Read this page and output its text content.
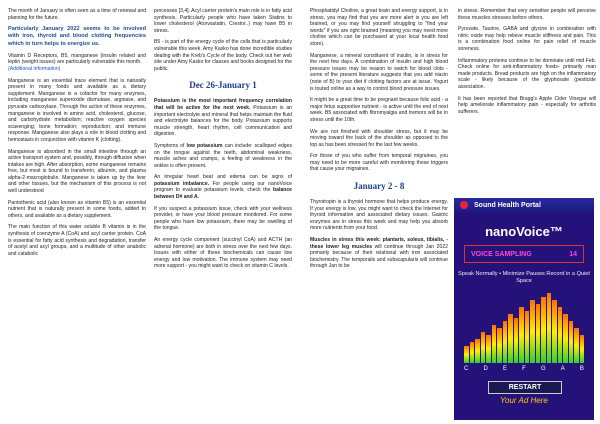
The month of January is often seen as a time of renewal and planning for the future.

Particularly January 2022 seems to be involved with iron, thyroid and blood clotting frequencies which in turn helps to energize us.

Vitamin D Receptors, B5, manganese (insulin related and leptin (weight issues) are particularly vulnerable this month.
(Additional information)

Manganese is an essential trace element that is naturally present in many foods and available as a dietary supplement. Manganese is a cofactor for many enzymes, including manganese superoxide dismutase, arginase, and pyruvate carboxylase. Through the action of these enzymes, manganese is involved in amino acid, cholesterol, glucose, and carbohydrate metabolism; reactive oxygen species scavenging; bone formation; reproduction; and immune response. Manganese also plays a role in blood clotting and hemostasis in conjunction with vitamin K (clotting).

Manganese is absorbed in the small intestine through an active transport system and, possibly, through diffusion when intakes are high. After absorption, some manganese remains free, but most is bound to transferrin, albumin, and plasma alpha-2-macroglobulin. Manganese is taken up by the liver and other tissues, but the mechanism of this process is not well understood

Pantothenic acid (also known as vitamin B5) is an essential nutrient that is naturally present in some foods, added to others, and available as a dietary supplement.

The main function of this water soluble B vitamin is in the synthesis of coenzyme A (CoA) and acyl carrier protein. CoA is essential for fatty acid synthesis and degradation, transfer of acetyl and acyl groups, and a multitude of other anabolic and catabolic

processes [3,4]. Acyl carrier protein's main role is in fatty acid synthesis. Particularly people who have taken Statins to lower cholesterol (Atorvastatin, Crestor..) may have B5 in stress.

B5 - is part of the energy cycle of the cells that is particularly vulnerable this week. Amy Kasko has done incredible studies dealing with the Kreb's Cycle of the body. Check out her web site under Amy Kasko for classes and books designed for the public.

Dec 26-January 1

Potassium is the most important frequency correlation that will be active for the next week. Potassium is an important electrolyte and mineral that helps maintain the fluid and electrolyte balances for the body. Potassium supports muscle strength, heart rhythm, cell communication and digestion.

Symptoms of low potassium can include: scalloped edges on the tongue against the teeth, abdominal weakness, muscle aches and cramps, a feeling of weakness in the ankles is often present.

An irregular heart beat and edema can be signs of potassium imbalance. For people using our nanoVoice program to evaluate potassium levels, check the balance between D# and A.

If you suspect a potassium issue, check with your wellness provider, or have your blood pressure monitored. For some people who have low potassium, there may be swelling of the tongue.

An energy cycle component (succinyl CoA) and ACTH (an adrenal hormone) are both in stress over the next few days. Issues with either of these biochemicals can cause low energy and low motivation. The immune system may need more support - you might want to check on vitamin C levels.

Phosphatidyl Choline, a great brain and energy support, is in stress, you may find that you are more alert is you are left brained, or you may find yourself struggling to "find your words" if you are right brained (meaning you may need more choline which can be purchased at your local health food store).

Manganese, a mineral constituent of insulin, is in stress for the next few days. A combination of insulin and high blood pressure issues may be reason to watch for blood clots - some of the present literature suggests that you add niacin (note of B) to your diet if clotting factors are at issue. Yogurt is touted online as a way to control blood pressure issues.

It might be a great time to be pregnant because folic acid - a major fetus supportive nutrient - is active until the end of next week. B5 associated with fibromyalgia and tremors will be in stress until the 10th.

We are not finished with shoulder stress, but it may be moving toward the back of the shoulder as opposed to the top as has been stressed for the last few weeks.

For those of you who suffer from temporal migraines, you may need to be more careful with monitoring those triggers that cause your migraines.

January 2 - 8

Thyrotropin is a thyroid hormone that helps produce energy. If your energy is low, you might want to check the Internet for thyroid information and associated dietary issues. Gastric enzymes are in stress this week and may help you absorb more nutrients from your food.

Muscles in stress this week: plantaris, soleus, tibialis, - these lower leg muscles will continue through Jan 2022 primarily because of their relational with iron associated biochemistry. The temporalis and subscapularis will continue through Jan to be

in stress. Remember that very sensitive people will perceive these muscles stresses before others.

Pyruvate, Taurine, GABA and glycine in combination with nitric oxide may help relieve muscle stiffness and pain. This is a combination food online for pain relief of muscle soreness.

Inflammatory proteins continue to be dominate until mid Feb. Check online for anti-inflammatory foods- primarily man made products. Bread products are high on the inflammatory scale - likely because of the glyphosate (pesticide association.

It has been reported that Bragg's Apple Cider Vinegar will help ameliorate inflammatory pain - especially for arthritis sufferers.

Sound Health Portal
nanoVoice™
VOICE SAMPLING	14
Speak Normally • Minimize Pauses Record in a Quiet Space
C	D	E	F	G	A	B
RESTART
Your Ad Here
